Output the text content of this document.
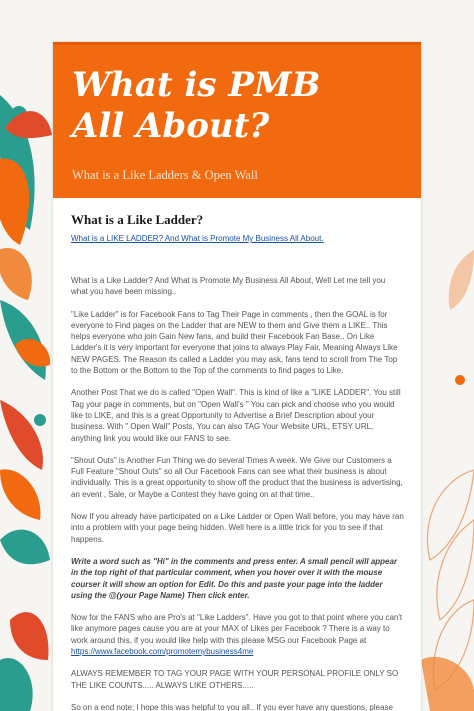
What is PMB
All About?
What is a Like Ladders & Open Wall
What is a Like Ladder?

What is a LIKE LADDER? And What is Promote My Business All About.

What is a Like Ladder? And What is Promote My Business All About, Well Let me tell you what you have been missing..

"Like Ladder" is for Facebook Fans to Tag Their Page in comments , then the GOAL is for everyone to Find pages on the Ladder that are NEW to them and Give them a LIKE.. This helps everyone who join Gain New fans, and build their Facebook Fan Base.. On Like Ladder's it is very important for everyone that joins to always Play Fair, Meaning Always Like NEW PAGES. The Reason its called a Ladder you may ask, fans tend to scroll from The Top to the Bottom or the Bottom to the Top of the comments to find pages to Like.

Another Post That we do is called "Open Wall". This is kind of like a "LIKE LADDER". You still Tag your page in comments, but on "Open Wall's " You can pick and choose who you would like to LIKE, and this is a great Opportunity to Advertise a Brief Description about your business. With " Open Wall" Posts, You can also TAG Your Website URL, ETSY URL, anything link you would like our FANS to see.

"Shout Outs" is Another Fun Thing we do several Times A week. We Give our Customers a Full Feature "Shout Outs" so all Our Facebook Fans can see what their business is about individually. This is a great opportunity to show off the product that the business is advertising, an event , Sale, or Maybe a Contest they have going on at that time..

Now If you already have participated on a Like Ladder or Open Wall before, you may have ran into a problem with your page being hidden. Well here is a little trick for you to see if that happens.

Write a word such as "Hi" in the comments and press enter. A small pencil will appear in the top right of that particular comment, when you hover over it with the mouse courser it will show an option for Edit. Do this and paste your page into the ladder using the @(your Page Name) Then click enter.

Now for the FANS who are Pro's at "Like Ladders". Have you got to that point where you can't like anymore pages cause you are at your MAX of Likes per Facebook ? There is a way to work around this, if you would like help with this please MSG our Facebook Page at
https://www.facebook.com/promotemybusiness4me

ALWAYS REMEMBER TO TAG YOUR PAGE WITH YOUR PERSONAL PROFILE ONLY SO THE LIKE COUNTS..... ALWAYS LIKE OTHERS.....

So on a end note; I hope this was helpful to you all.. If you ever have any questions, please
